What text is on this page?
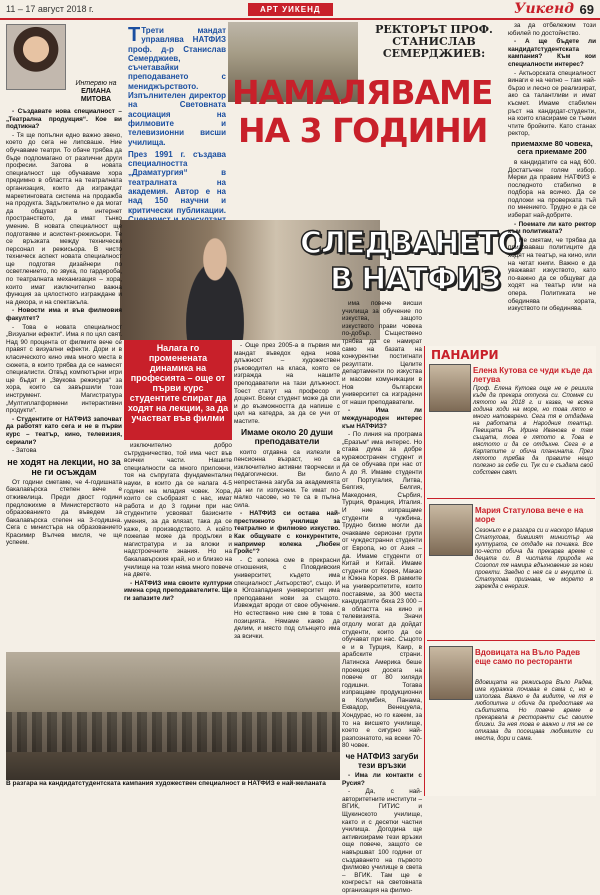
11 – 17 август 2018 г.	АРТ УИКЕНД	Уикенд 69
Интервю на
ЕЛИАНА МИТОВА
Т Трети мандат управлява НАТФИЗ проф. д-р Станислав Семерджиев, съчетавайки преподаването с мениджърството. Изпълнителен директор на Световната асоциация на филмовите и телевизионни висши училища.
През 1991 г. създава специалността „Драматургия“ в театралната на академия. Автор е на над 150 научни и критически публикации.
РЕКТОРЪТ ПРОФ. СТАНИСЛАВ СЕМЕРДЖИЕВ:
НАМАЛЯВАМЕ
НА 3 ГОДИНИ
СЛЕДВАНЕТО
В НАТФИЗ

- Създавате нова специалност – „Театрална продукция“. Кое ви подтикна?

- Тя ще попълни едно важно звено, което до сега не липсваше. Ние обучаваме театри. То обаче трябва да бъде подпомагано от различни други професии. Затова в новата специалност ще обучаваме хора предимно в областта на театралната организация, които да изграждат маркетинговата система на продажба на продукта. Задължително е да могат да общуват в интернет пространството, да имат тънко умение. В новата специалност ще подготвяме и асистент-режисьори. Те се връзката между технически персонал и режисьора. В чисто техническ аспект новата специалност ще подготвя дизайнери по осветлението, по звука, по гардероба, по театралната механизация – хора, които имат изключително важна функция за цялостното изграждане и на декора, и на спектакъла.

- Новости има и във филмовия факултет?

- Това е новата специалност „Визуални ефекти“. Има я по цял свят. Над 90 процента от филмите вече се правят с визуални ефекти. Дори и в класическото кино има много места в сюжета, в които трябва да се намесят специалисти. Отвъд компютърни игри ще бъдат и „Звукова режисура“ за хора, които са завършили този инструмент. Магистратура „Мултиплатформени интерактивни продукти“.

- Студентите от НАТФИЗ започват да работят като сега и не в първи курс – театър, кино, телевизия, сериали?

- Затова

не ходят на лекции, но за не ги осъждам

От години сметаме, че 4-годишната бакалавърска степен вече е отживелица. Преди двост години предложихме в Министерството на образованието да въведем за бакалавърска степен на 3-годишна. Сега с министъра на образованието Красимир Вълчев мисля, че ще успеем.

Налага го променената динамика на професията – още от първи курс студентите спират да ходят на лекции, за да участват във филми

изключително добро сътрудничество, той има чест във всички части. Нашите специалности са много приложни, тоя на съпругата фундаментални науки, в които да се налага 4-5 години на младия човек. Хора, които се съобразят с нас, имат работа и до 3 години при нас студентите усвояват базисните умения, за да влязат, така да се каже, в производството. А който пожелае може да продължи в магистратура и за вложи и надстроечните знания. Но на бакалавърския край, но и близко на училище на този няма много повече на двете.

- НАТФИЗ има своите културни имена сред преподавателите. Ще ги запазите ли?

- Още през 2005-а в първия ми мандат въведох една нова длъжност – художествен ръководител на класа, която се изгражда на нашите преподаватели на тази длъжност. Тоест статут на професор и доцент. Всеки студент може да спи и до възможността да напише с цел на катедра, за да се учи от мастите.

Имаме около 20 души преподаватели

които отдавна са излезли в пенсионна възраст, но са изключително активни творчески и педагогически. Ви било непрестанна загуба за академията да ни ги изпуснем. Те имат по-малко часове, но те са в пълна сила.

- НАТФИЗ си остава най-престижното училище за театрално и филмово изкуство. Как общувате с конкурентите, например колежа „Любен Гройс“?

- С колежа сме в прекрасни отношения, с Пловдивския университет, където има специалност „Актьорство“, също. И в Югозападния университет има преподавани нови за същото. Извеждат вроди от свое обучение. Но естествено ние сме в това с позицията. Нямаме какво да делим, и място под слънцето има за всички.

има повече висши училища за обучение по изкуства, защото изкуството прави човека по-добър. Съществено трябва да се намират само на базата на конкурентни постигнати резултати. Целите департаменти по изкуства и масови комуникации в Нов български университет са изградени от наши преподаватели.

- Има ли международен интерес към НАТФИЗ?

- По линия на програма „Еразъм“ има интерес. Но става дума за добре куражостранен студент и да се обучава при нас от А до Я. Имаме студенти от Португалия, Литва, Белгия, Белгия, Македония, Сърбия, Турция, Франция, Италия. И ние изпращаме студенти в чужбина. Трудно бихме могли да очакваме сериозни групи от чуждестранни студенти от Европа, но от Азия – да. Имаме студенти от Китай и Китай. Имаме студенти от Корея, Макао и Южна Корея. В рамките на университетите, които поставяме, за 300 места кандидатите бяха 23 000 – в областта на кино и телевизията. Значи отдолу могат да дойдат студенти, които да се обучават при нас. Същото е и в Турция, Каир, в арабските страни. Латинска Америка беше проекция досега на повече от 80 хиляди годишни. Тогава изпращаме продукционни в Колумбия, Панама, Еквадор, Венецуела, Хондурас, но го кажем, за то на висшето училище, което е сигурно най-разпознатото, на всеки 70-80 човек.

че НАТФИЗ загуби тези връзки

- Има ли контакти с Русия?

- Да, с най-авторитетните институти – ВГИК, ГИТИС и Щукинското училище, както и с десетки частни училища. Догодина ще активизираме тези връзки още повече, защото се навършват 100 години от създаването на първото филмово училище в света – ВГИК. Там ще е конгресът на световната организация на филмо-

за да отбележим този юбилей по достойнство.

- А ще бъдете ли кандидатстудентската кампания? Към кои специалности интерес?

- Актьорската специалност винаги е на челно – там най-бързо и лесно се реализират, ако са талантливи и имат късмет. Имаме стабилен ръст на кандидат-студенти, на които класираме се тъкми чтите бройките. Като станах ректор,

приемахме 80 човека, сега приемаме 200

в кандидатите са над 600. Достатъчен голям избор. Мерки да правим НАТФИЗ е последното стабилно в подбора на всичко. Да се подложи на проверката тъй по мнението. Трудно е да се изберат най-добрите.

- Поемате ли като ректор към политиката?

- Не смятам, че трябва да призоваваш политиците да ходят на театър, на кино, или на четат книги. Важно е да уважават изкуството, като по-важно да се общуват да ходят на театър или на опера. Политиката не обединява хората, изкуството ги обединява.

ПАНАИРИ
Елена Кутова се чуди къде да летува
Проф. Елена Кутова още не е решила къде да прекара отпуска си. Спомня си лятото на 2018 г. и казва, че всяка година ходи на море, но това лято е много натоварено. Сега тя е отдадена на работата в Народния театър. Певицата Ръ Ирина Иванова е там същата, това е лятото в. Това е мястото и да се отдъхне. Сега е в Карпатите и обича планината. През лятото трябва да правите нещо полезно за себе си. Тук си е създала свой собствен свят.
Мария Статулова вече е на море
Сезонът е в разгара си и наскоро Мария Статулова, бившият министър на културата, се отдаде на почивка. Все по-често обича да прекарва време с децата си. В чистата природа на Созопол тя намира вдъхновение за нови проекти. Заедно с нея са и внуците ѝ. Статулова признава, че морето я зарежда с енергия.
Вдовицата на Вълo Радев еще само по ресторанти
Вдовицата на режисьора Вълo Радев, има куражка почиваа е сама с, но е използва. Важно е да видите, че тя е любопитна и обича да предоставя на събитията. Но повече време е прекарвала в ресторанти със своите близки. За нея това е важно и тя не се отказва да посещава любимите си места, дори и сама.
В разгара на кандидатстудентската кампания художествен специалност в НАТФИЗ е най-желаната
